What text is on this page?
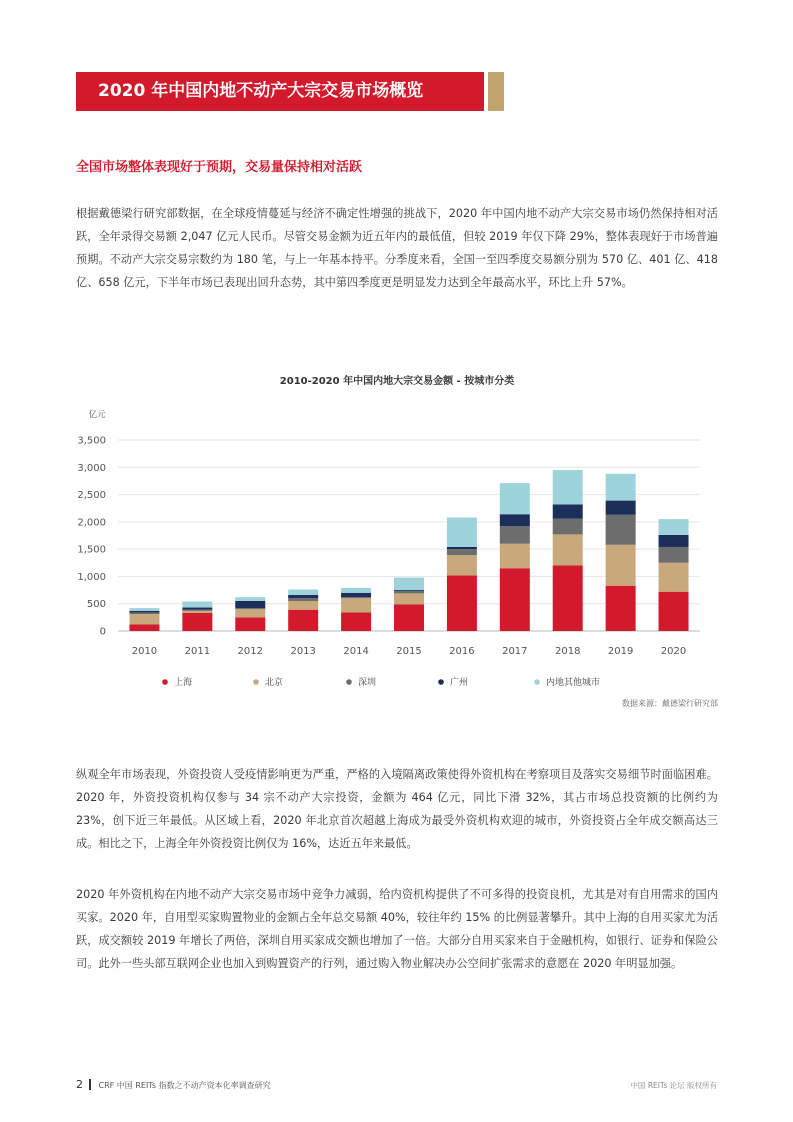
2020 年中国内地不动产大宗交易市场概览
全国市场整体表现好于预期，交易量保持相对活跃

根据戴德梁行研究部数据，在全球疫情蔓延与经济不确定性增强的挑战下，2020 年中国内地不动产大宗交易市场仍然保持相对活跃，全年录得交易额 2,047 亿元人民币。尽管交易金额为近五年内的最低值，但较 2019 年仅下降 29%，整体表现好于市场普遍预期。不动产大宗交易宗数约为 180 笔，与上一年基本持平。分季度来看，全国一至四季度交易额分别为 570 亿、401 亿、418 亿、658 亿元，下半年市场已表现出回升态势，其中第四季度更是明显发力达到全年最高水平，环比上升 57%。

2010-2020 年中国内地大宗交易金额 - 按城市分类
亿元
0
500
1,000
1,500
2,000
2,500
3,000
3,500
2010	2011	2012	2013	2014	2015	2016	2017	2018	2019	2020
上海	北京	深圳	广州	内地其他城市
数据来源：戴德梁行研究部

纵观全年市场表现，外资投资人受疫情影响更为严重，严格的入境隔离政策使得外资机构在考察项目及落实交易细节时面临困难。2020 年，外资投资机构仅参与 34 宗不动产大宗投资，金额为 464 亿元，同比下滑 32%，其占市场总投资额的比例约为 23%，创下近三年最低。从区域上看，2020 年北京首次超越上海成为最受外资机构欢迎的城市，外资投资占全年成交额高达三成。相比之下，上海全年外资投资比例仅为 16%，达近五年来最低。

2020 年外资机构在内地不动产大宗交易市场中竞争力减弱，给内资机构提供了不可多得的投资良机，尤其是对有自用需求的国内买家。2020 年，自用型买家购置物业的金额占全年总交易额 40%，较往年约 15% 的比例显著攀升。其中上海的自用买家尤为活跃，成交额较 2019 年增长了两倍，深圳自用买家成交额也增加了一倍。大部分自用买家来自于金融机构，如银行、证券和保险公司。此外一些头部互联网企业也加入到购置资产的行列，通过购入物业解决办公空间扩张需求的意愿在 2020 年明显加强。

2 CRF 中国 REITs 指数之不动产资本化率调查研究	中国 REITs 论坛 版权所有
